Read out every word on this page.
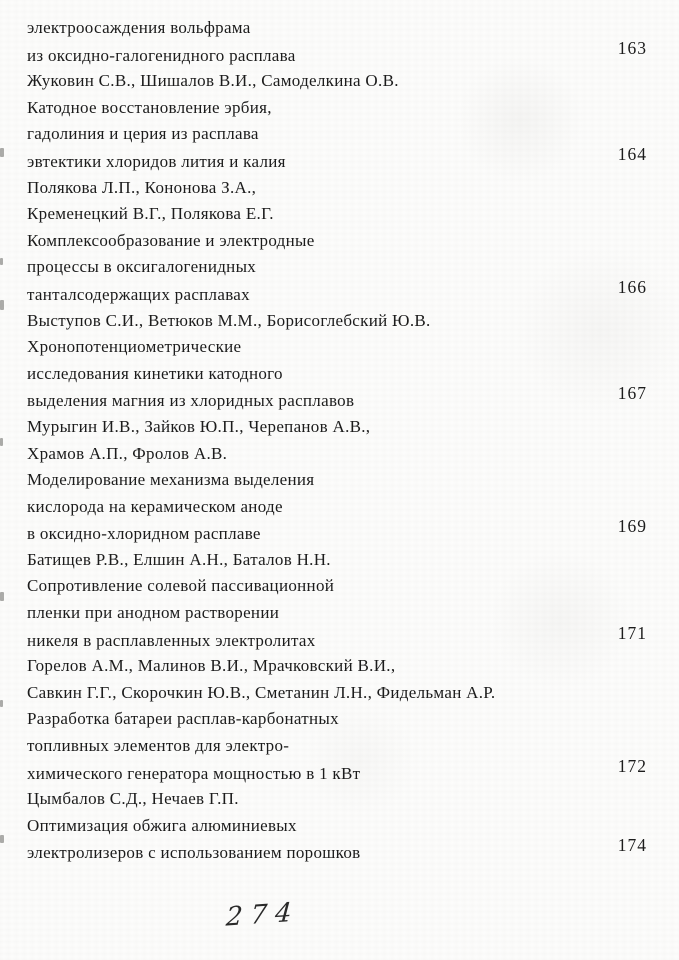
электроосаждения вольфрама
из оксидно-галогенидного расплава	163
Жуковин С.В., Шишалов В.И., Самоделкина О.В.
Катодное восстановление эрбия,
гадолиния и церия из расплава
эвтектики хлоридов лития и калия	164
Полякова Л.П., Кононова З.А.,
Кременецкий В.Г., Полякова Е.Г.
Комплексообразование и электродные
процессы в оксигалогенидных
танталсодержащих расплавах	166
Выступов С.И., Ветюков М.М., Борисоглебский Ю.В.
Хронопотенциометрические
исследования кинетики катодного
выделения магния из хлоридных расплавов	167
Мурыгин И.В., Зайков Ю.П., Черепанов А.В.,
Храмов А.П., Фролов А.В.
Моделирование механизма выделения
кислорода на керамическом аноде
в оксидно-хлоридном расплаве	169
Батищев Р.В., Елшин А.Н., Баталов Н.Н.
Сопротивление солевой пассивационной
пленки при анодном растворении
никеля в расплавленных электролитах	171
Горелов А.М., Малинов В.И., Мрачковский В.И.,
Савкин Г.Г., Скорочкин Ю.В., Сметанин Л.Н., Фидельман А.Р.
Разработка батареи расплав-карбонатных
топливных элементов для электро-
химического генератора мощностью в 1 кВт	172
Цымбалов С.Д., Нечаев Г.П.
Оптимизация обжига алюминиевых
электролизеров с использованием порошков	174
274
